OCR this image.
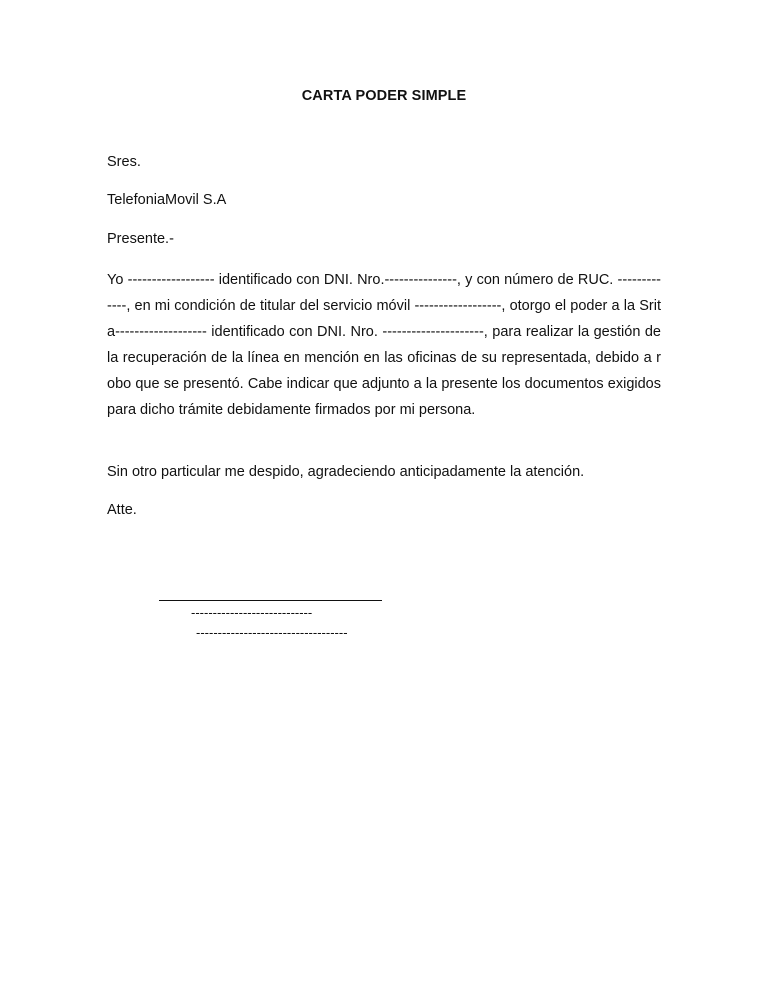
CARTA PODER SIMPLE
Sres.
TelefoniaMovil S.A
Presente.-
Yo ------------------ identificado con DNI. Nro.---------------, y con número de RUC. -------------, en mi condición de titular del servicio móvil ------------------, otorgo el poder a la Srita------------------- identificado con DNI. Nro. ---------------------, para realizar la gestión de la recuperación de la línea en mención en las oficinas de su representada, debido a robo que se presentó. Cabe indicar que adjunto a la presente los documentos exigidos para dicho trámite debidamente firmados por mi persona.
Sin otro particular me despido, agradeciendo anticipadamente la atención.
Atte.
----------------------------
-----------------------------------
